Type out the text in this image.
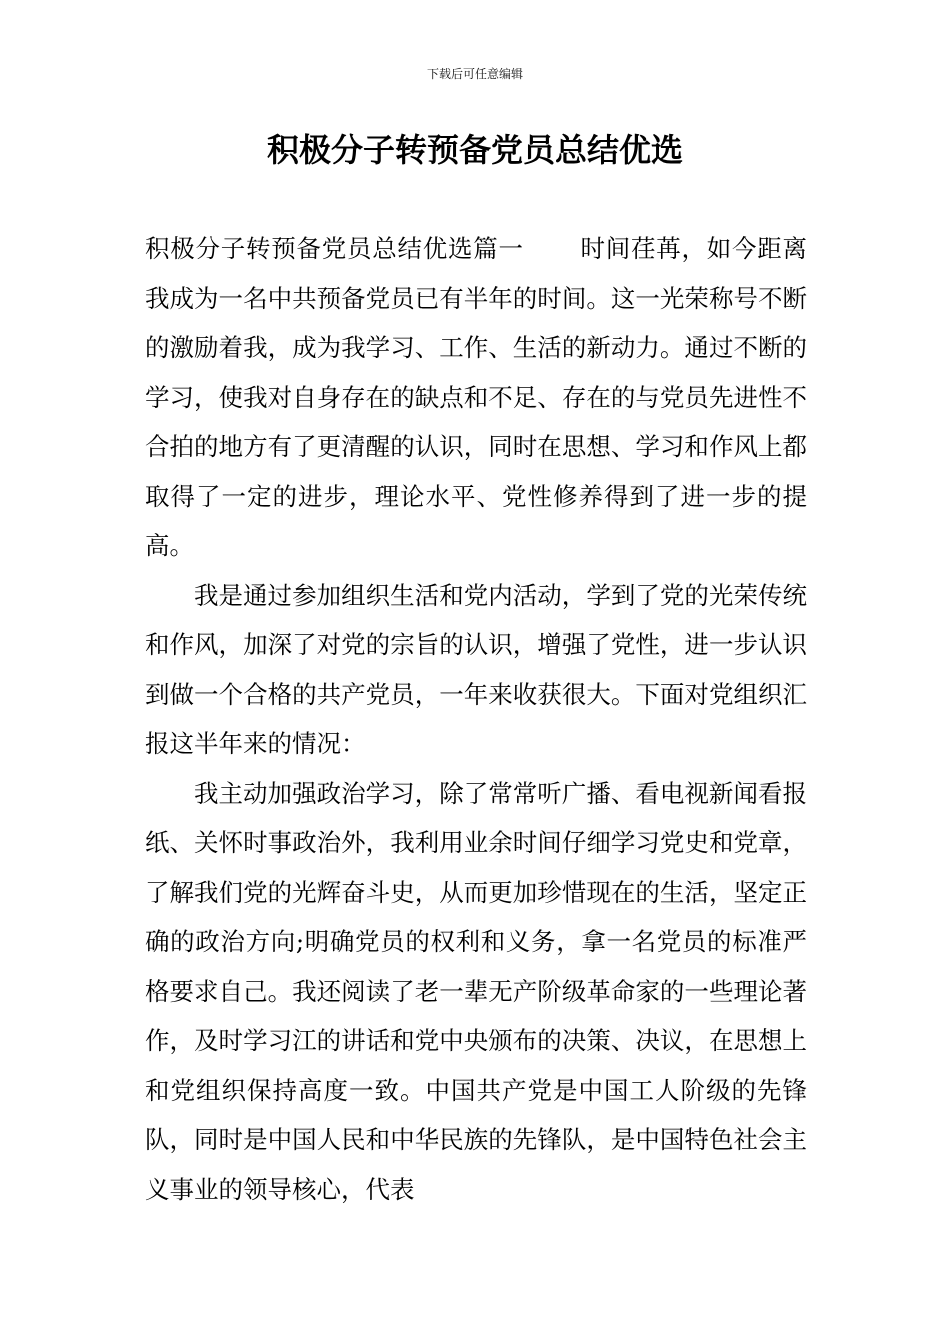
下载后可任意编辑
积极分子转预备党员总结优选

积极分子转预备党员总结优选篇一 时间荏苒，如今距离我成为一名中共预备党员已有半年的时间。这一光荣称号不断的激励着我，成为我学习、工作、生活的新动力。通过不断的学习，使我对自身存在的缺点和不足、存在的与党员先进性不合拍的地方有了更清醒的认识，同时在思想、学习和作风上都取得了一定的进步，理论水平、党性修养得到了进一步的提高。

我是通过参加组织生活和党内活动，学到了党的光荣传统和作风，加深了对党的宗旨的认识，增强了党性，进一步认识到做一个合格的共产党员，一年来收获很大。下面对党组织汇报这半年来的情况：

我主动加强政治学习，除了常常听广播、看电视新闻看报纸、关怀时事政治外，我利用业余时间仔细学习党史和党章，了解我们党的光辉奋斗史，从而更加珍惜现在的生活，坚定正确的政治方向;明确党员的权利和义务，拿一名党员的标准严格要求自己。我还阅读了老一辈无产阶级革命家的一些理论著作，及时学习江的讲话和党中央颁布的决策、决议，在思想上和党组织保持高度一致。中国共产党是中国工人阶级的先锋队，同时是中国人民和中华民族的先锋队，是中国特色社会主义事业的领导核心，代表
